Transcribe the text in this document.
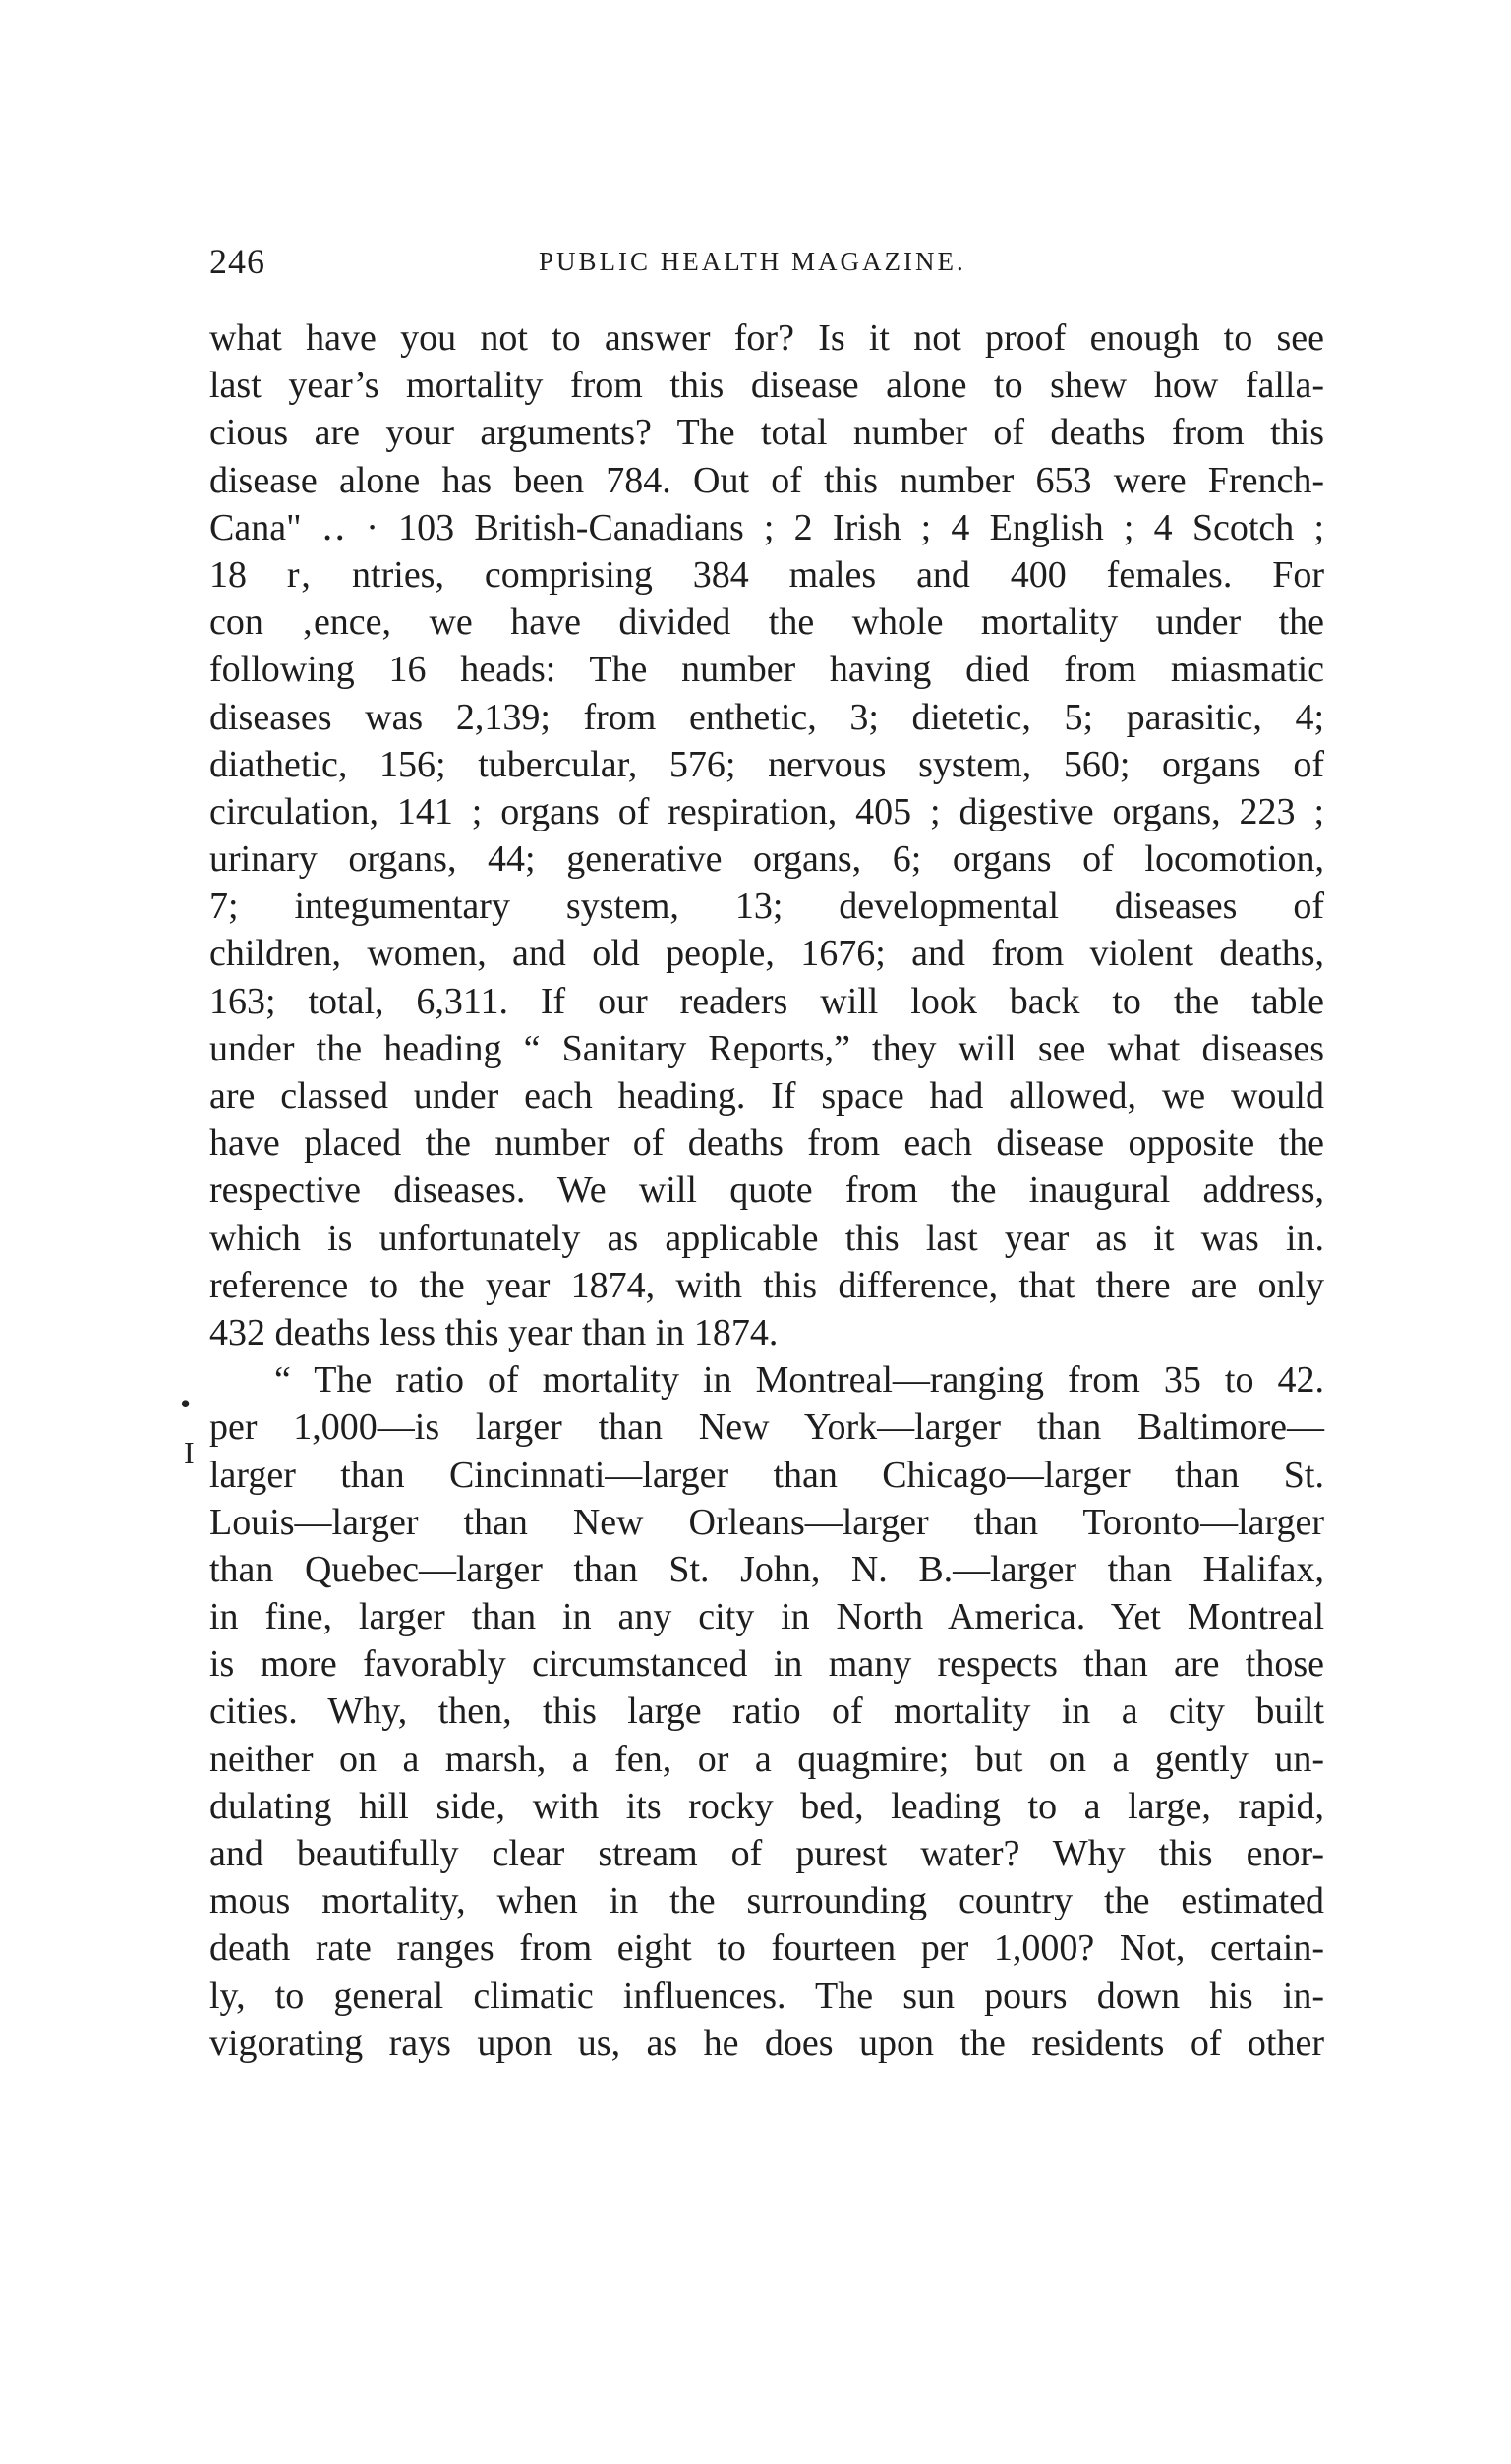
246	PUBLIC HEALTH MAGAZINE.
•
I
what have you not to answer for? Is it not proof enough to see
last year’s mortality from this disease alone to shew how falla-
cious are your arguments? The total number of deaths from this
disease alone has been 784. Out of this number 653 were French-
Cana" ‥ · 103 British-Canadians ; 2 Irish ; 4 English ; 4 Scotch ;
18 r‚ ntries, comprising 384 males and 400 females. For
con ‚ence, we have divided the whole mortality under the
following 16 heads: The number having died from miasmatic
diseases was 2,139; from enthetic, 3; dietetic, 5; parasitic, 4;
diathetic, 156; tubercular, 576; nervous system, 560; organs of
circulation, 141 ; organs of respiration, 405 ; digestive organs, 223 ;
urinary organs, 44; generative organs, 6; organs of locomotion,
7; integumentary system, 13; developmental diseases of
children, women, and old people, 1676; and from violent deaths,
163; total, 6,311. If our readers will look back to the table
under the heading “ Sanitary Reports,” they will see what diseases
are classed under each heading. If space had allowed, we would
have placed the number of deaths from each disease opposite the
respective diseases. We will quote from the inaugural address,
which is unfortunately as applicable this last year as it was in.
reference to the year 1874, with this difference, that there are only
432 deaths less this year than in 1874.
“ The ratio of mortality in Montreal—ranging from 35 to 42.
per 1,000—is larger than New York—larger than Baltimore—
larger than Cincinnati—larger than Chicago—larger than St.
Louis—larger than New Orleans—larger than Toronto—larger
than Quebec—larger than St. John, N. B.—larger than Halifax,
in fine, larger than in any city in North America. Yet Montreal
is more favorably circumstanced in many respects than are those
cities. Why, then, this large ratio of mortality in a city built
neither on a marsh, a fen, or a quagmire; but on a gently un-
dulating hill side, with its rocky bed, leading to a large, rapid,
and beautifully clear stream of purest water? Why this enor-
mous mortality, when in the surrounding country the estimated
death rate ranges from eight to fourteen per 1,000? Not, certain-
ly, to general climatic influences. The sun pours down his in-
vigorating rays upon us, as he does upon the residents of other
